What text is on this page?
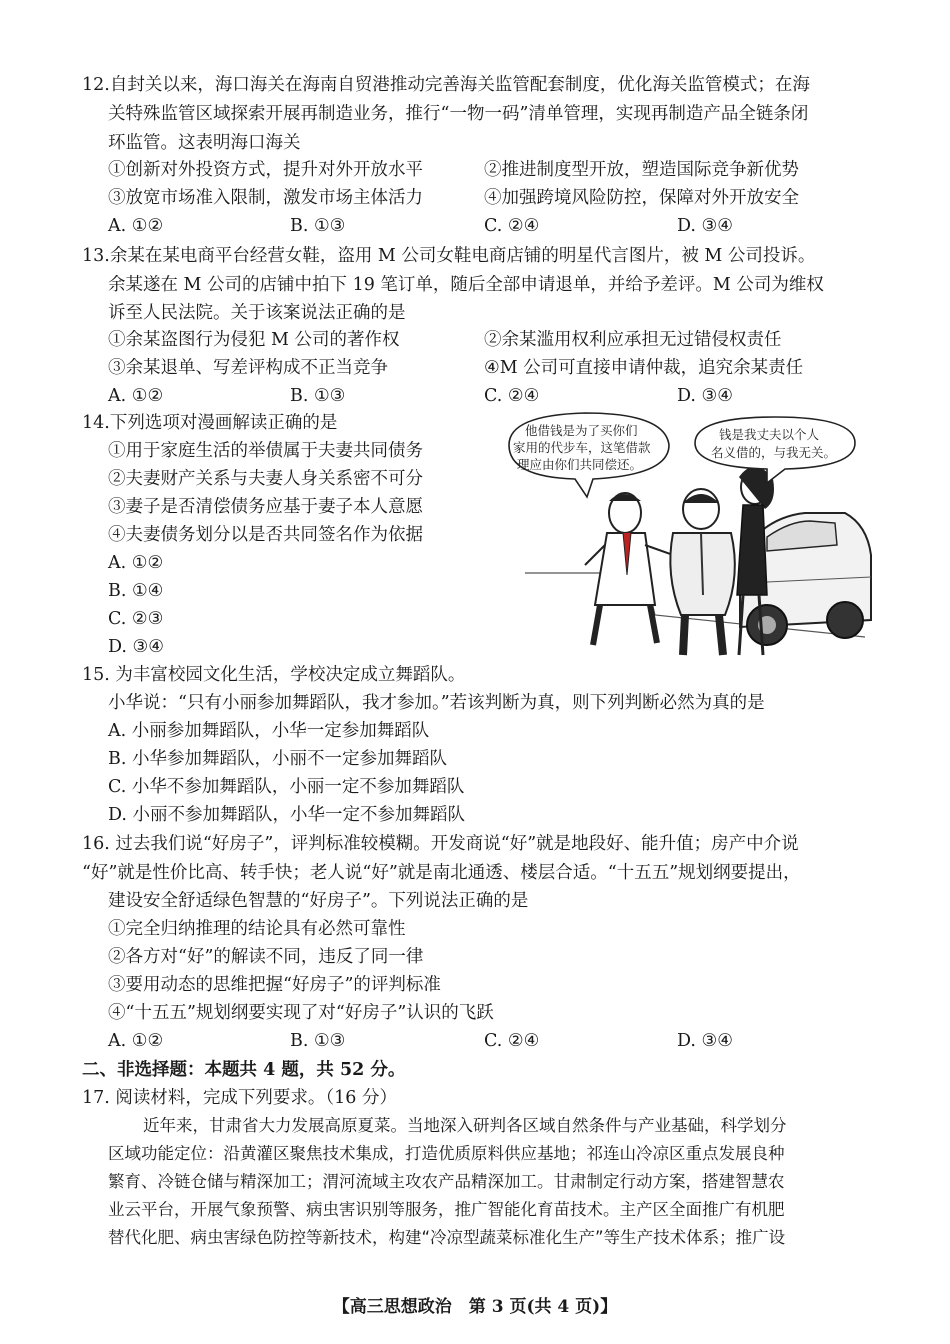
12.自封关以来，海口海关在海南自贸港推动完善海关监管配套制度，优化海关监管模式；在海
关特殊监管区域探索开展再制造业务，推行“一物一码”清单管理，实现再制造产品全链条闭
环监管。这表明海口海关
①创新对外投资方式，提升对外开放水平	②推进制度型开放，塑造国际竞争新优势
③放宽市场准入限制，激发市场主体活力	④加强跨境风险防控，保障对外开放安全
A. ①②	B. ①③	C. ②④	D. ③④
13.余某在某电商平台经营女鞋，盗用 M 公司女鞋电商店铺的明星代言图片，被 M 公司投诉。
余某遂在 M 公司的店铺中拍下 19 笔订单，随后全部申请退单，并给予差评。M 公司为维权
诉至人民法院。关于该案说法正确的是
①余某盗图行为侵犯 M 公司的著作权	②余某滥用权利应承担无过错侵权责任
③余某退单、写差评构成不正当竞争	④M 公司可直接申请仲裁，追究余某责任
A. ①②	B. ①③	C. ②④	D. ③④
14.下列选项对漫画解读正确的是
①用于家庭生活的举债属于夫妻共同债务
②夫妻财产关系与夫妻人身关系密不可分
③妻子是否清偿债务应基于妻子本人意愿
④夫妻债务划分以是否共同签名作为依据
A. ①②
B. ①④
C. ②③
D. ③④
他借钱是为了买你们
家用的代步车，这笔借款
理应由你们共同偿还。
钱是我丈夫以个人
名义借的，与我无关。
15. 为丰富校园文化生活，学校决定成立舞蹈队。
小华说：“只有小丽参加舞蹈队，我才参加。”若该判断为真，则下列判断必然为真的是
A. 小丽参加舞蹈队，小华一定参加舞蹈队
B. 小华参加舞蹈队，小丽不一定参加舞蹈队
C. 小华不参加舞蹈队，小丽一定不参加舞蹈队
D. 小丽不参加舞蹈队，小华一定不参加舞蹈队
16. 过去我们说“好房子”，评判标准较模糊。开发商说“好”就是地段好、能升值；房产中介说
“好”就是性价比高、转手快；老人说“好”就是南北通透、楼层合适。“十五五”规划纲要提出，
建设安全舒适绿色智慧的“好房子”。下列说法正确的是
①完全归纳推理的结论具有必然可靠性
②各方对“好”的解读不同，违反了同一律
③要用动态的思维把握“好房子”的评判标准
④“十五五”规划纲要实现了对“好房子”认识的飞跃
A. ①②	B. ①③	C. ②④	D. ③④
二、非选择题：本题共 4 题，共 52 分。
17. 阅读材料，完成下列要求。（16 分）
近年来，甘肃省大力发展高原夏菜。当地深入研判各区域自然条件与产业基础，科学划分
区域功能定位：沿黄灌区聚焦技术集成，打造优质原料供应基地；祁连山冷凉区重点发展良种
繁育、冷链仓储与精深加工；渭河流域主攻农产品精深加工。甘肃制定行动方案，搭建智慧农
业云平台，开展气象预警、病虫害识别等服务，推广智能化育苗技术。主产区全面推广有机肥
替代化肥、病虫害绿色防控等新技术，构建“冷凉型蔬菜标准化生产”等生产技术体系；推广设
【高三思想政治　第 3 页(共 4 页)】
